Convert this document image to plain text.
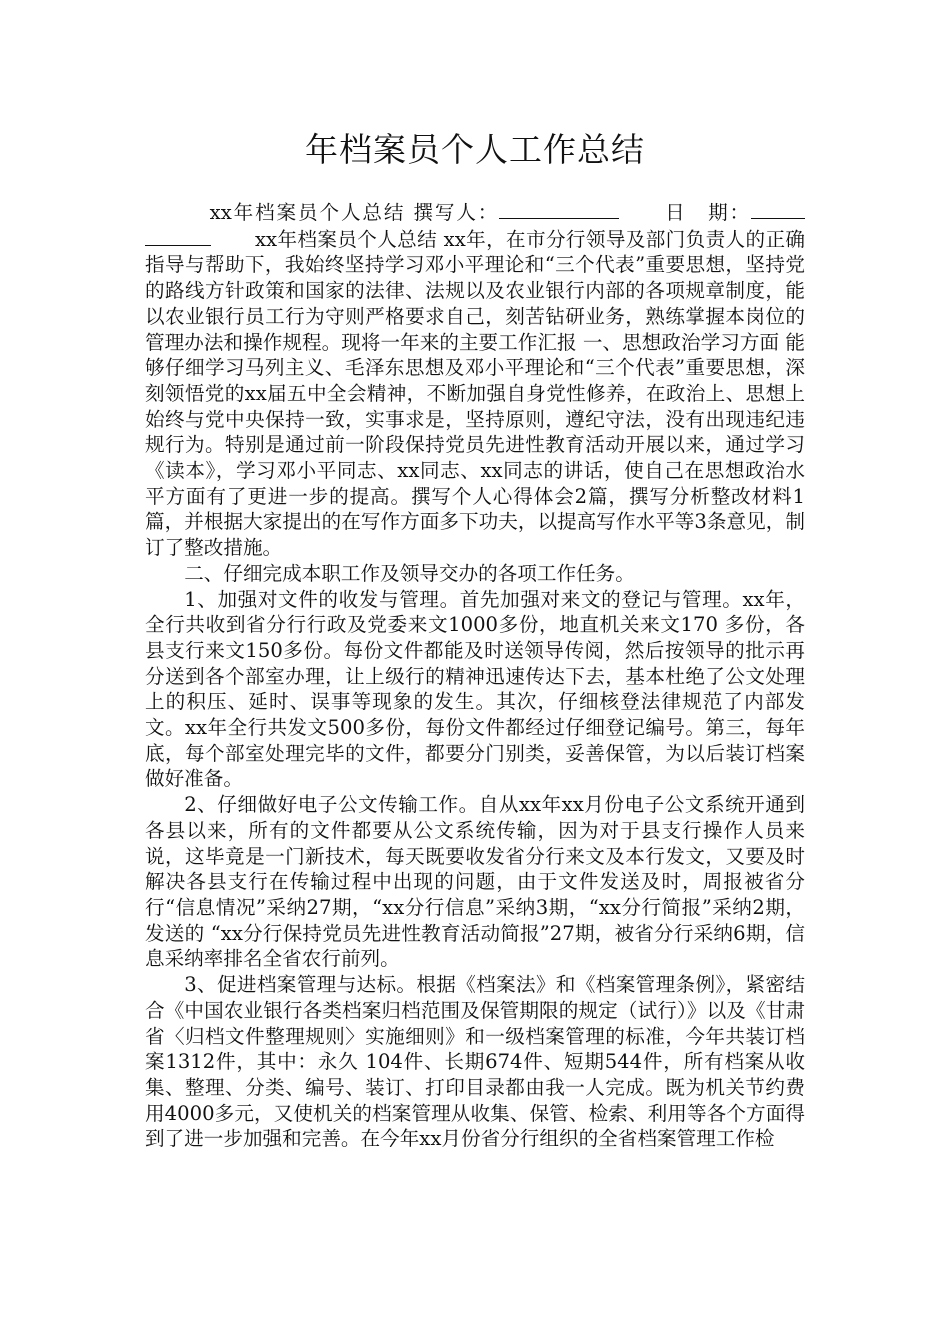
年档案员个人工作总结

xx年档案员个人总结 撰写人：	日　期：xx年档案员个人总结 xx年，在市分行领导及部门负责人的正确指导与帮助下，我始终坚持学习邓小平理论和“三个代表”重要思想，坚持党的路线方针政策和国家的法律、法规以及农业银行内部的各项规章制度，能以农业银行员工行为守则严格要求自己，刻苦钻研业务，熟练掌握本岗位的管理办法和操作规程。现将一年来的主要工作汇报 一、思想政治学习方面 能够仔细学习马列主义、毛泽东思想及邓小平理论和“三个代表”重要思想，深刻领悟党的xx届五中全会精神，不断加强自身党性修养，在政治上、思想上始终与党中央保持一致，实事求是，坚持原则，遵纪守法，没有出现违纪违规行为。特别是通过前一阶段保持党员先进性教育活动开展以来，通过学习《读本》，学习邓小平同志、xx同志、xx同志的讲话，使自己在思想政治水平方面有了更进一步的提高。撰写个人心得体会2篇，撰写分析整改材料1篇，并根据大家提出的在写作方面多下功夫，以提高写作水平等3条意见，制订了整改措施。

二、仔细完成本职工作及领导交办的各项工作任务。

1、加强对文件的收发与管理。首先加强对来文的登记与管理。xx年，全行共收到省分行行政及党委来文1000多份，地直机关来文170 多份，各县支行来文150多份。每份文件都能及时送领导传阅，然后按领导的批示再分送到各个部室办理，让上级行的精神迅速传达下去，基本杜绝了公文处理上的积压、延时、误事等现象的发生。其次，仔细核登法律规范了内部发文。xx年全行共发文500多份，每份文件都经过仔细登记编号。第三，每年底，每个部室处理完毕的文件，都要分门别类，妥善保管，为以后装订档案做好准备。

2、仔细做好电子公文传输工作。自从xx年xx月份电子公文系统开通到各县以来，所有的文件都要从公文系统传输，因为对于县支行操作人员来说，这毕竟是一门新技术，每天既要收发省分行来文及本行发文，又要及时解决各县支行在传输过程中出现的问题，由于文件发送及时，周报被省分行“信息情况”采纳27期，“xx分行信息”采纳3期，“xx分行简报”采纳2期，发送的 “xx分行保持党员先进性教育活动简报”27期，被省分行采纳6期，信息采纳率排名全省农行前列。

3、促进档案管理与达标。根据《档案法》和《档案管理条例》，紧密结合《中国农业银行各类档案归档范围及保管期限的规定（试行）》以及《甘肃省〈归档文件整理规则〉实施细则》和一级档案管理的标准，今年共装订档案1312件，其中：永久 104件、长期674件、短期544件，所有档案从收集、整理、分类、编号、装订、打印目录都由我一人完成。既为机关节约费用4000多元，又使机关的档案管理从收集、保管、检索、利用等各个方面得到了进一步加强和完善。在今年xx月份省分行组织的全省档案管理工作检
